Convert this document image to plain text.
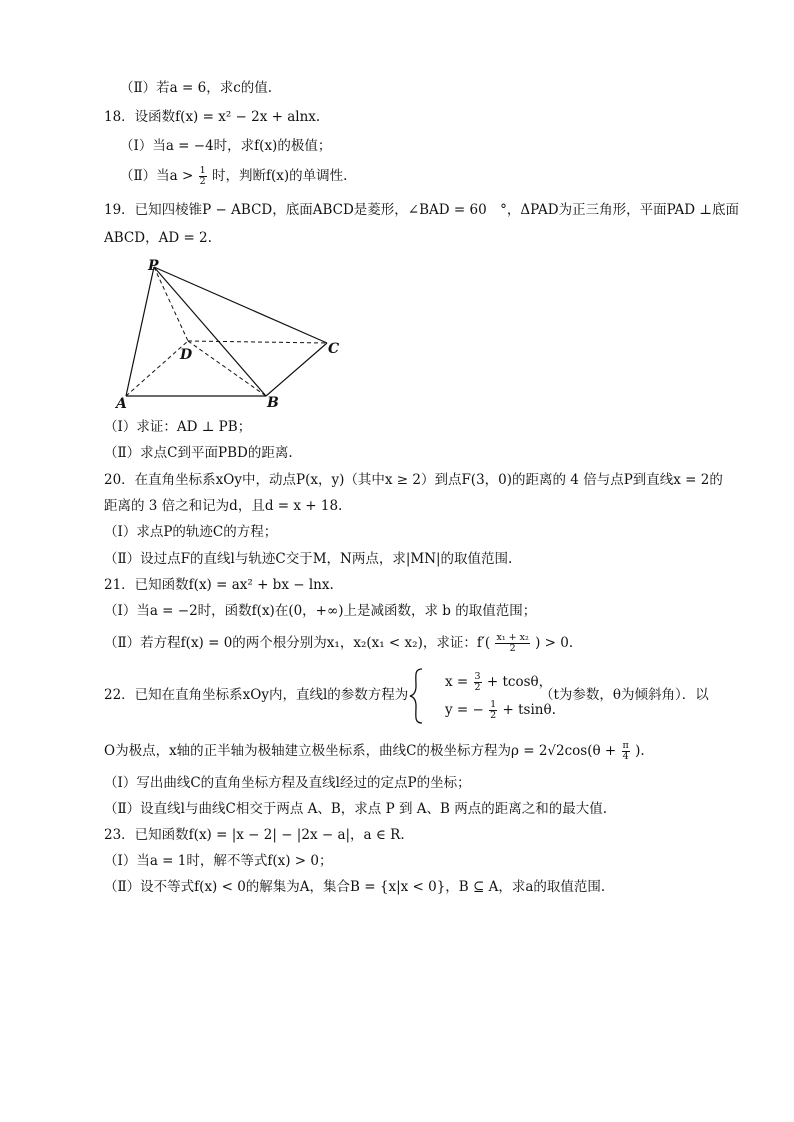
（Ⅱ）若a = 6，求c的值.
18．设函数f(x) = x² − 2x + alnx.
（Ⅰ）当a = −4时，求f(x)的极值；
（Ⅱ）当$a > \frac{1}{2}$ 时，判断f(x)的单调性.
19．已知四棱锥P − ABCD，底面ABCD是菱形，∠BAD = 60　°，ΔPAD为正三角形，平面PAD ⊥底面
ABCD，AD = 2.
P
A	B
C
D
（Ⅰ）求证：AD ⊥ PB；
（Ⅱ）求点C到平面PBD的距离.
20．在直角坐标系xOy中，动点P(x，y)（其中x ≥ 2）到点F(3，0)的距离的 4 倍与点P到直线x = 2的
距离的 3 倍之和记为d，且d = x + 18.
（Ⅰ）求点P的轨迹C的方程；
（Ⅱ）设过点F的直线l与轨迹C交于M，N两点，求|MN|的取值范围.
21．已知函数f(x) = ax² + bx − lnx.
（Ⅰ）当a = −2时，函数f(x)在(0，+∞)上是减函数，求 b 的取值范围；
（Ⅱ）若方程f(x) = 0的两个根分别为x₁，x₂(x₁ < x₂)，求证：$f'( \frac{\text{x₁ + x₂}}{2}$ ) > 0.
22．已知在直角坐标系xOy内，直线l的参数方程为
$x = \frac{3}{2} + tcos\theta$，
y = − $\frac{1}{2} + tsin\theta$.
（t为参数，θ为倾斜角）．以
O为极点，x轴的正半轴为极轴建立极坐标系，曲线C的极坐标方程为$\rho = 2√2\cos(\theta + \frac{\pi}{4}$ ).
（Ⅰ）写出曲线C的直角坐标方程及直线l经过的定点P的坐标；
（Ⅱ）设直线l与曲线C相交于两点 A、B，求点 P 到 A、B 两点的距离之和的最大值.
23．已知函数f(x) = |x − 2| − |2x − a|，a ∈ R.
（Ⅰ）当a = 1时，解不等式f(x) > 0；
（Ⅱ）设不等式f(x) < 0的解集为A，集合B = {x|x < 0}，B ⊆ A，求a的取值范围.
